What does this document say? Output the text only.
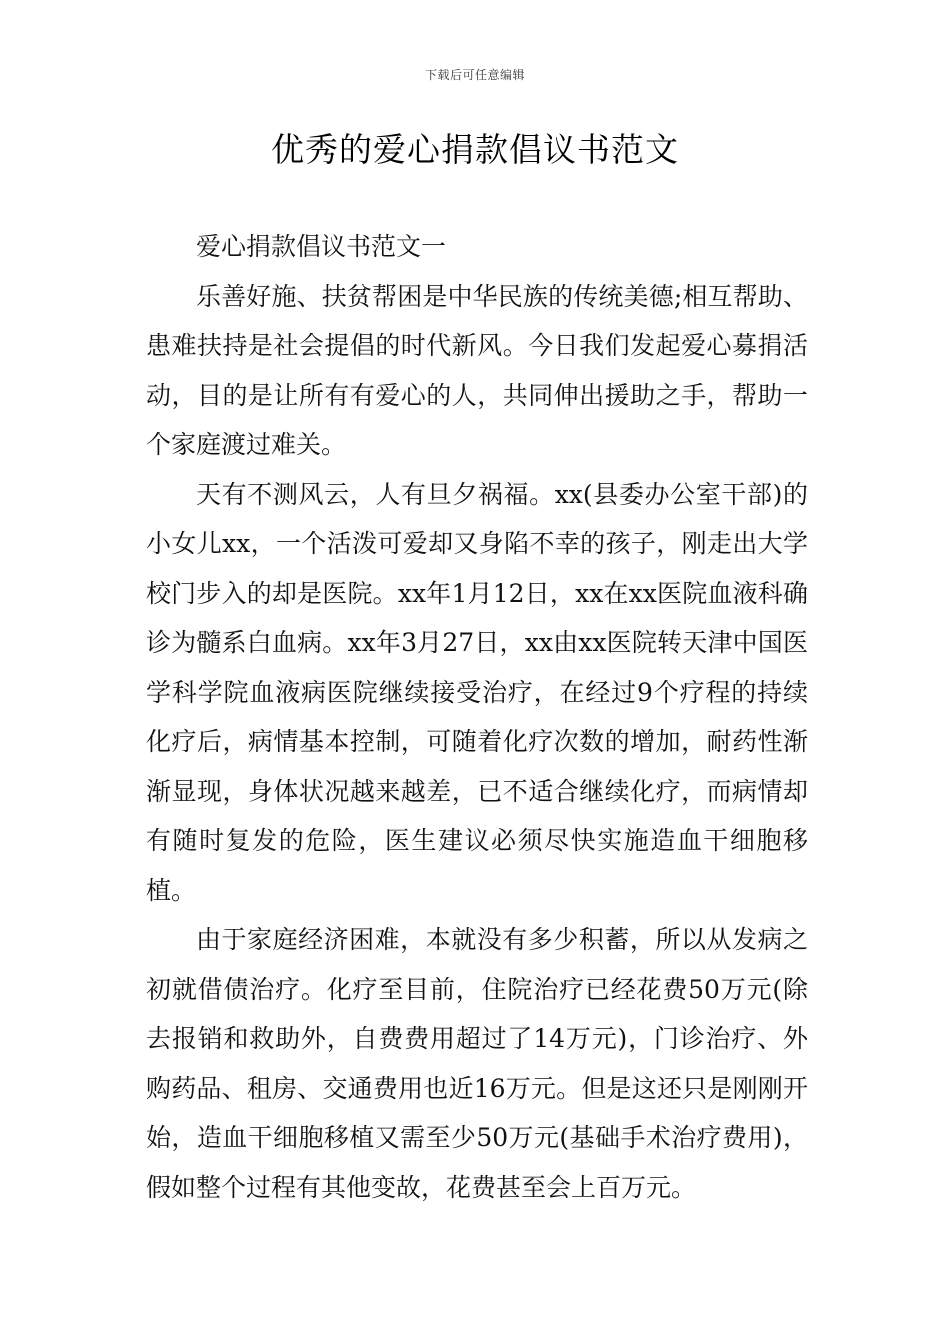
下载后可任意编辑
优秀的爱心捐款倡议书范文

爱心捐款倡议书范文一

乐善好施、扶贫帮困是中华民族的传统美德;相互帮助、患难扶持是社会提倡的时代新风。今日我们发起爱心募捐活动，目的是让所有有爱心的人，共同伸出援助之手，帮助一个家庭渡过难关。

天有不测风云，人有旦夕祸福。xx(县委办公室干部)的小女儿xx，一个活泼可爱却又身陷不幸的孩子，刚走出大学校门步入的却是医院。xx年1月12日，xx在xx医院血液科确诊为髓系白血病。xx年3月27日，xx由xx医院转天津中国医学科学院血液病医院继续接受治疗，在经过9个疗程的持续化疗后，病情基本控制，可随着化疗次数的增加，耐药性渐渐显现，身体状况越来越差，已不适合继续化疗，而病情却有随时复发的危险，医生建议必须尽快实施造血干细胞移植。

由于家庭经济困难，本就没有多少积蓄，所以从发病之初就借债治疗。化疗至目前，住院治疗已经花费50万元(除去报销和救助外，自费费用超过了14万元)，门诊治疗、外购药品、租房、交通费用也近16万元。但是这还只是刚刚开始，造血干细胞移植又需至少50万元(基础手术治疗费用)，假如整个过程有其他变故，花费甚至会上百万元。
